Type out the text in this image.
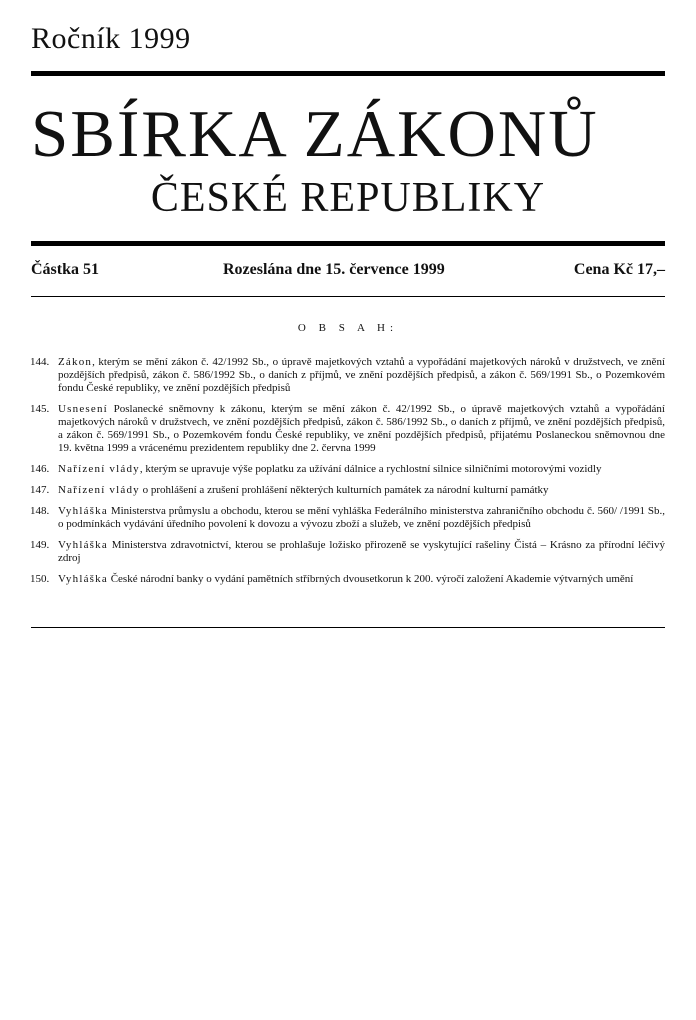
Ročník 1999
SBÍRKA ZÁKONŮ
ČESKÉ REPUBLIKY
Částka 51	Rozeslána dne 15. července 1999	Cena Kč 17,–
O B S A H:
144. Zákon, kterým se mění zákon č. 42/1992 Sb., o úpravě majetkových vztahů a vypořádání majetkových nároků v družstvech, ve znění pozdějších předpisů, zákon č. 586/1992 Sb., o daních z příjmů, ve znění pozdějších předpisů, a zákon č. 569/1991 Sb., o Pozemkovém fondu České republiky, ve znění pozdějších předpisů
145. Usnesení Poslanecké sněmovny k zákonu, kterým se mění zákon č. 42/1992 Sb., o úpravě majetkových vztahů a vypořádání majetkových nároků v družstvech, ve znění pozdějších předpisů, zákon č. 586/1992 Sb., o daních z příjmů, ve znění pozdějších předpisů, a zákon č. 569/1991 Sb., o Pozemkovém fondu České republiky, ve znění pozdějších předpisů, přijatému Poslaneckou sněmovnou dne 19. května 1999 a vrácenému prezidentem republiky dne 2. června 1999
146. Nařízení vlády, kterým se upravuje výše poplatku za užívání dálnice a rychlostní silnice silničními motorovými vozidly
147. Nařízení vlády o prohlášení a zrušení prohlášení některých kulturních památek za národní kulturní památky
148. Vyhláška Ministerstva průmyslu a obchodu, kterou se mění vyhláška Federálního ministerstva zahraničního obchodu č. 560/ /1991 Sb., o podmínkách vydávání úředního povolení k dovozu a vývozu zboží a služeb, ve znění pozdějších předpisů
149. Vyhláška Ministerstva zdravotnictví, kterou se prohlašuje ložisko přirozeně se vyskytující rašeliny Čistá – Krásno za přírodní léčivý zdroj
150. Vyhláška České národní banky o vydání pamětních stříbrných dvousetkorun k 200. výročí založení Akademie výtvarných umění
